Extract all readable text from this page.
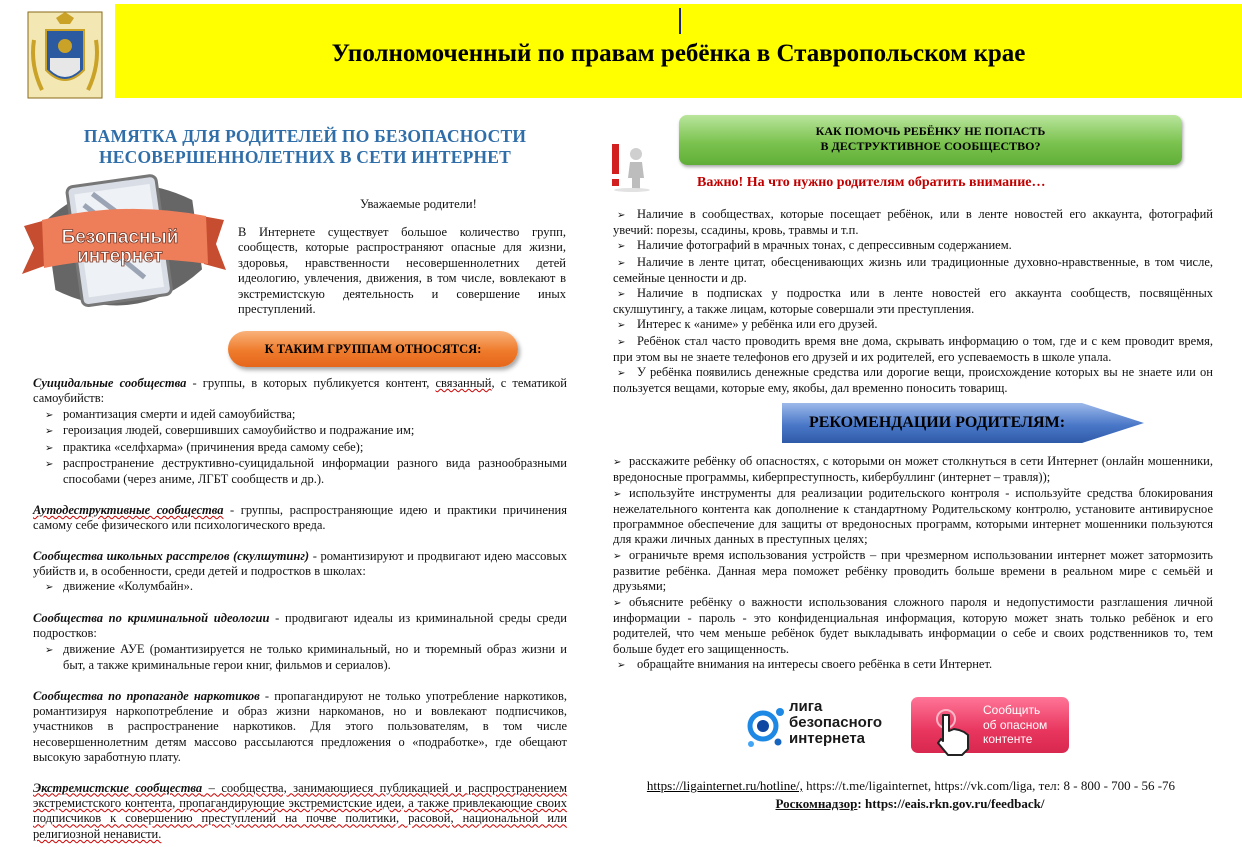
Уполномоченный по правам ребёнка в Ставропольском крае
ПАМЯТКА ДЛЯ РОДИТЕЛЕЙ ПО БЕЗОПАСНОСТИ
НЕСОВЕРШЕННОЛЕТНИХ В СЕТИ ИНТЕРНЕТ
Безопасный
интернет
Уважаемые родители!
В Интернете существует большое количество групп, сообществ, которые распространяют опасные для жизни, здоровья, нравственности несовершеннолетних детей идеологию, увлечения, движения, в том числе, вовлекают в экстремистскую деятельность и совершение иных преступлений.
К ТАКИМ ГРУППАМ ОТНОСЯТСЯ:

Суицидальные сообщества - группы, в которых публикуется контент, связанный, с тематикой самоубийств:

➢ романтизация смерти и идей самоубийства;

➢ героизация людей, совершивших самоубийство и подражание им;

➢ практика «селфхарма» (причинения вреда самому себе);

➢ распространение деструктивно-суицидальной информации разного вида разнообразными способами (через аниме, ЛГБТ сообществ и др.).

Аутодеструктивные сообщества - группы, распространяющие идею и практики причинения самому себе физического или психологического вреда.

Сообщества школьных расстрелов (скулшутинг) - романтизируют и продвигают идею массовых убийств и, в особенности, среди детей и подростков в школах:

➢ движение «Колумбайн».

Сообщества по криминальной идеологии - продвигают идеалы из криминальной среды среди подростков:

➢ движение АУЕ (романтизируется не только криминальный, но и тюремный образ жизни и быт, а также криминальные герои книг, фильмов и сериалов).

Сообщества по пропаганде наркотиков - пропагандируют не только употребление наркотиков, романтизируя наркопотребление и образ жизни наркоманов, но и вовлекают подписчиков, участников в распространение наркотиков. Для этого пользователям, в том числе несовершеннолетним детям массово рассылаются предложения о «подработке», где обещают высокую заработную плату.

Экстремистские сообщества – сообщества, занимающиеся публикацией и распространением экстремистского контента, пропагандирующие экстремистские идеи, а также привлекающие своих подписчиков к совершению преступлений на почве политики, расовой, национальной или религиозной ненависти.

КАК ПОМОЧЬ РЕБЁНКУ НЕ ПОПАСТЬ
В ДЕСТРУКТИВНОЕ СООБЩЕСТВО?
Важно! На что нужно родителям обратить внимание…

➢ Наличие в сообществах, которые посещает ребёнок, или в ленте новостей его аккаунта, фотографий увечий: порезы, ссадины, кровь, травмы и т.п.

➢ Наличие фотографий в мрачных тонах, с депрессивным содержанием.

➢ Наличие в ленте цитат, обесценивающих жизнь или традиционные духовно-нравственные, в том числе, семейные ценности и др.

➢ Наличие в подписках у подростка или в ленте новостей его аккаунта сообществ, посвящённых скулшутингу, а также лицам, которые совершали эти преступления.

➢ Интерес к «аниме» у ребёнка или его друзей.

➢ Ребёнок стал часто проводить время вне дома, скрывать информацию о том, где и с кем проводит время, при этом вы не знаете телефонов его друзей и их родителей, его успеваемость в школе упала.

➢ У ребёнка появились денежные средства или дорогие вещи, происхождение которых вы не знаете или он пользуется вещами, которые ему, якобы, дал временно поносить товарищ.

РЕКОМЕНДАЦИИ РОДИТЕЛЯМ:

➢ расскажите ребёнку об опасностях, с которыми он может столкнуться в сети Интернет (онлайн мошенники, вредоносные программы, киберпреступность, кибербуллинг (интернет – травля));

➢ используйте инструменты для реализации родительского контроля - используйте средства блокирования нежелательного контента как дополнение к стандартному Родительскому контролю, установите антивирусное программное обеспечение для защиты от вредоносных программ, которыми интернет мошенники пользуются для кражи личных данных в преступных целях;

➢ ограничьте время использования устройств – при чрезмерном использовании интернет может затормозить развитие ребёнка. Данная мера поможет ребёнку проводить больше времени в реальном мире с семьёй и друзьями;

➢ объясните ребёнку о важности использования сложного пароля и недопустимости разглашения личной информации - пароль - это конфиденциальная информация, которую может знать только ребёнок и его родителей, что чем меньше ребёнок будет выкладывать информации о себе и своих родственников то, тем больше будет его защищенность.

➢ обращайте внимания на интересы своего ребёнка в сети Интернет.

лига
безопасного
интернета
Сообщить
об опасном
контенте
https://ligainternet.ru/hotline/, https://t.me/ligainternet, https://vk.com/liga, тел: 8 - 800 - 700 - 56 -76
Роскомнадзор: https://eais.rkn.gov.ru/feedback/
